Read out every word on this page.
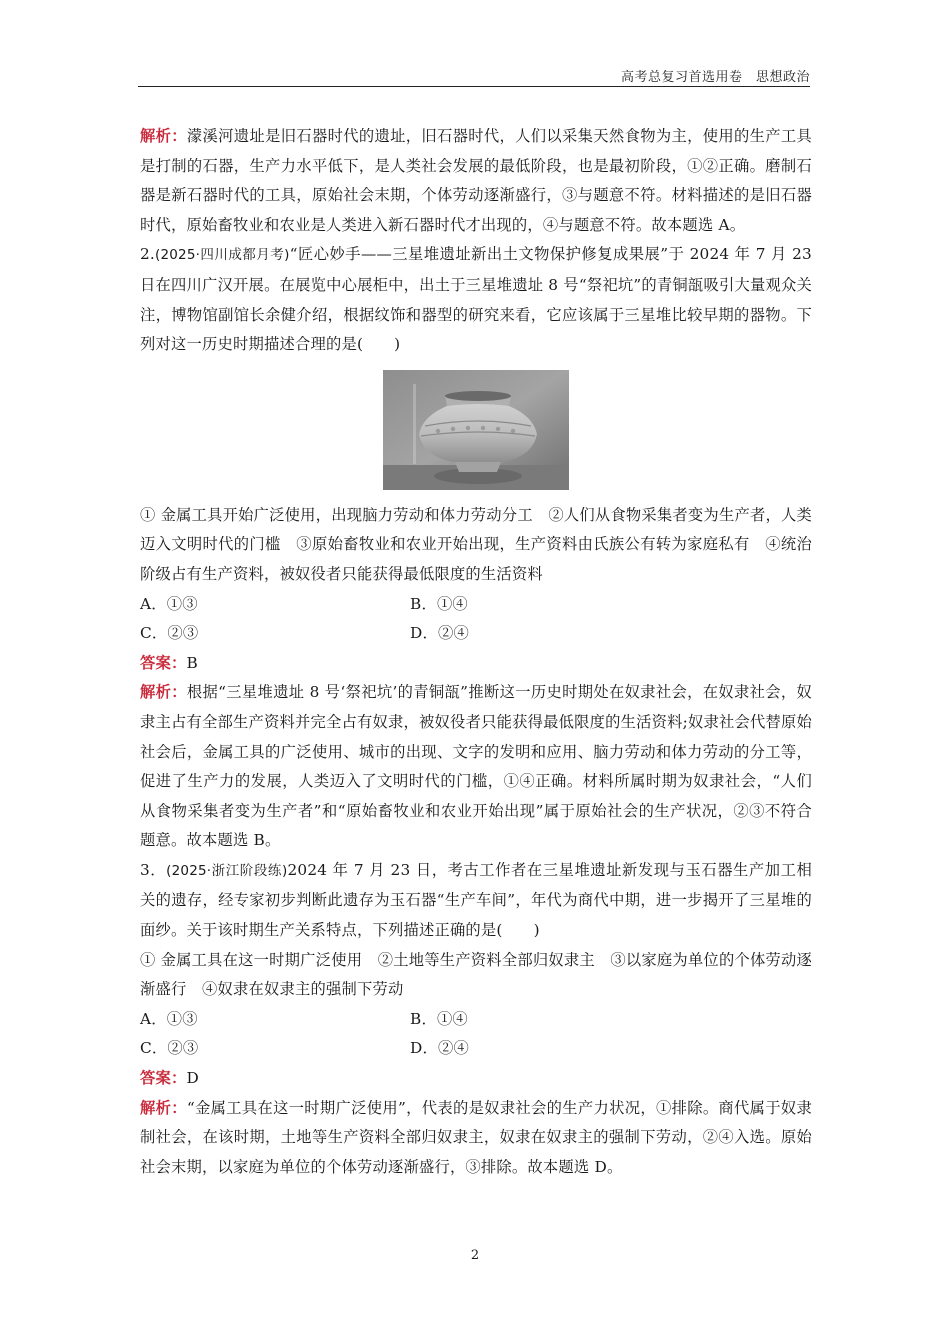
高考总复习首选用卷　思想政治

解析：濛溪河遗址是旧石器时代的遗址，旧石器时代，人们以采集天然食物为主，使用的生产工具是打制的石器，生产力水平低下，是人类社会发展的最低阶段，也是最初阶段，①②正确。磨制石器是新石器时代的工具，原始社会末期，个体劳动逐渐盛行，③与题意不符。材料描述的是旧石器时代，原始畜牧业和农业是人类进入新石器时代才出现的，④与题意不符。故本题选 A。

2.(2025·四川成都月考)“匠心妙手——三星堆遗址新出土文物保护修复成果展”于 2024 年 7 月 23 日在四川广汉开展。在展览中心展柜中，出土于三星堆遗址 8 号“祭祀坑”的青铜瓿吸引大量观众关注，博物馆副馆长余健介绍，根据纹饰和器型的研究来看，它应该属于三星堆比较早期的器物。下列对这一历史时期描述合理的是(　　)

① 金属工具开始广泛使用，出现脑力劳动和体力劳动分工　②人们从食物采集者变为生产者，人类迈入文明时代的门槛　③原始畜牧业和农业开始出现，生产资料由氏族公有转为家庭私有　④统治阶级占有生产资料，被奴役者只能获得最低限度的生活资料

A．①③	B．①④
C．②③	D．②④

答案：B

解析：根据“三星堆遗址 8 号‘祭祀坑’的青铜瓿”推断这一历史时期处在奴隶社会，在奴隶社会，奴隶主占有全部生产资料并完全占有奴隶，被奴役者只能获得最低限度的生活资料;奴隶社会代替原始社会后，金属工具的广泛使用、城市的出现、文字的发明和应用、脑力劳动和体力劳动的分工等，促进了生产力的发展，人类迈入了文明时代的门槛，①④正确。材料所属时期为奴隶社会，“人们从食物采集者变为生产者”和“原始畜牧业和农业开始出现”属于原始社会的生产状况，②③不符合题意。故本题选 B。

3．(2025·浙江阶段练)2024 年 7 月 23 日，考古工作者在三星堆遗址新发现与玉石器生产加工相关的遗存，经专家初步判断此遗存为玉石器“生产车间”，年代为商代中期，进一步揭开了三星堆的面纱。关于该时期生产关系特点，下列描述正确的是(　　)

① 金属工具在这一时期广泛使用　②土地等生产资料全部归奴隶主　③以家庭为单位的个体劳动逐渐盛行　④奴隶在奴隶主的强制下劳动

A．①③	B．①④
C．②③	D．②④

答案：D

解析：“金属工具在这一时期广泛使用”，代表的是奴隶社会的生产力状况，①排除。商代属于奴隶制社会，在该时期，土地等生产资料全部归奴隶主，奴隶在奴隶主的强制下劳动，②④入选。原始社会末期，以家庭为单位的个体劳动逐渐盛行，③排除。故本题选 D。

2
